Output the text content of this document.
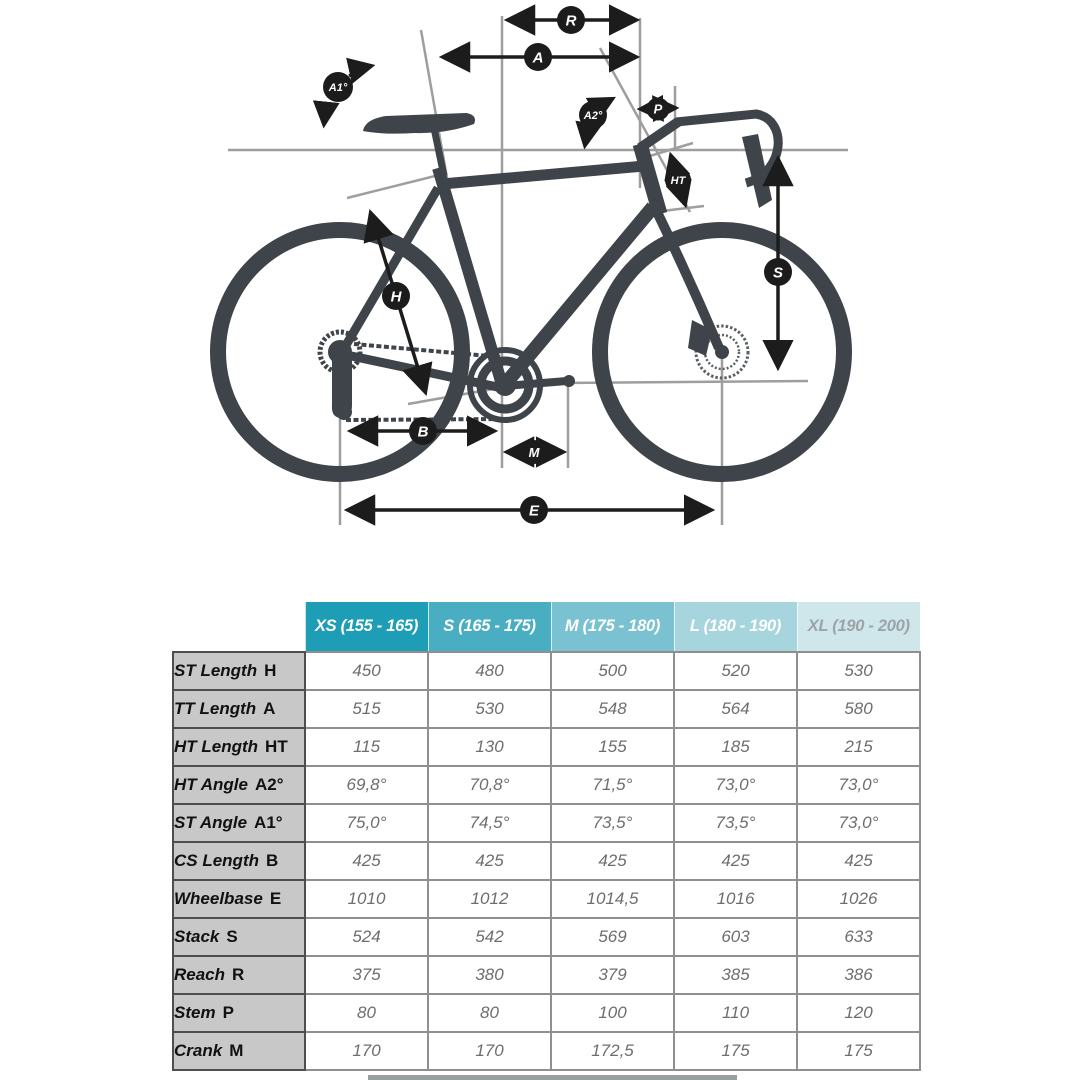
R
A
A1°
A2°	P
HT
S
H
B
M
E
	XS (155 - 165)	S (165 - 175)	M (175 - 180)	L (180 - 190)	XL (190 - 200)
ST Length H	450	480	500	520	530
TT Length A	515	530	548	564	580
HT Length HT	115	130	155	185	215
HT Angle A2°	69,8°	70,8°	71,5°	73,0°	73,0°
ST Angle A1°	75,0°	74,5°	73,5°	73,5°	73,0°
CS Length B	425	425	425	425	425
Wheelbase E	1010	1012	1014,5	1016	1026
Stack S	524	542	569	603	633
Reach R	375	380	379	385	386
Stem P	80	80	100	110	120
Crank M	170	170	172,5	175	175
